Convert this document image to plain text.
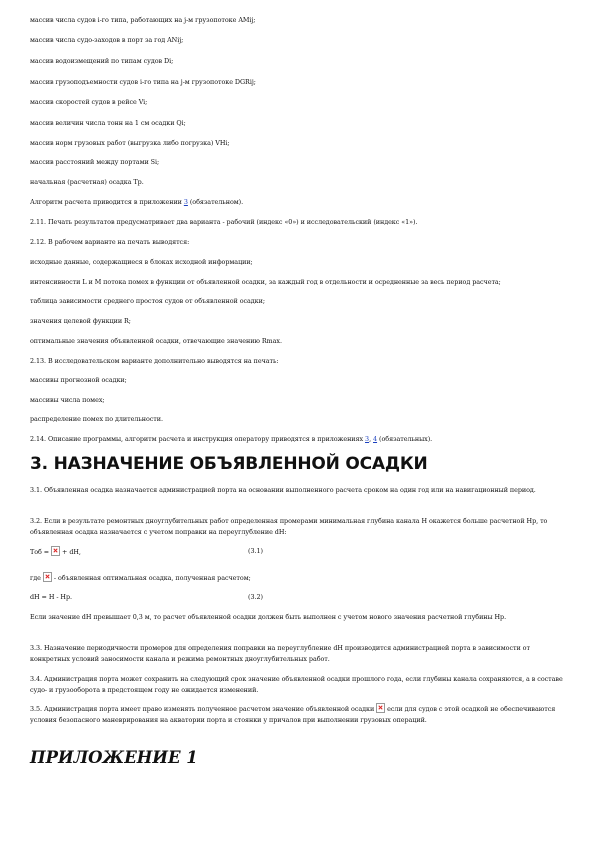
массив числа судов i-го типа, работающих на j-м грузопотоке AMij;
массив числа судо-заходов в порт за год ANij;
массив водоизмещений по типам судов Di;
массив грузоподъемности судов i-го типа на j-м грузопотоке DGRij;
массив скоростей судов в рейсе Vi;
массив величин числа тонн на 1 см осадки Qi;
массив норм грузовых работ (выгрузка либо погрузка) VHi;
массив расстояний между портами Si;
начальная (расчетная) осадка Tр.
Алгоритм расчета приводится в приложении 3 (обязательном).
2.11. Печать результатов предусматривает два варианта - рабочий (индекс «0») и исследовательский (индекс «1»).
2.12. В рабочем варианте на печать выводятся:
исходные данные, содержащиеся в блоках исходной информации;
интенсивности L и M потока помех в функции от объявленной осадки, за каждый год в отдельности и осредненные за весь период расчета;
таблица зависимости среднего простоя судов от объявленной осадки;
значения целевой функции R;
оптимальные значения объявленной осадки, отвечающие значению Rmax.
2.13. В исследовательском варианте дополнительно выводятся на печать:
массивы прогнозной осадки;
массивы числа помех;
распределение помех по длительности.
2.14. Описание программы, алгоритм расчета и инструкция оператору приводятся в приложениях 3, 4 (обязательных).
3. НАЗНАЧЕНИЕ ОБЪЯВЛЕННОЙ ОСАДКИ
3.1. Объявленная осадка назначается администрацией порта на основании выполненного расчета сроком на один год или на навигационный период.
3.2. Если в результате ремонтных дноуглубительных работ определенная промерами минимальная глубина канала H окажется больше расчетной Hр, то объявленная осадка назначается с учетом поправки на переуглубление dH:
Тоб =  + dH,	(3.1)
где  - объявленная оптимальная осадка, полученная расчетом;
dH = H - Hр.	(3.2)
Если значение dH превышает 0,3 м, то расчет объявленной осадки должен быть выполнен с учетом нового значения расчетной глубины Hр.
3.3. Назначение периодичности промеров для определения поправки на переуглубление dH производится администрацией порта в зависимости от конкретных условий заносимости канала и режима ремонтных дноуглубительных работ.
3.4. Администрация порта может сохранить на следующий срок значение объявленной осадки прошлого года, если глубины канала сохраняются, а в составе судо- и грузооборота в предстоящем году не ожидается изменений.
3.5. Администрация порта имеет право изменять полученное расчетом значение объявленной осадки  если для судов с этой осадкой не обеспечиваются условия безопасного маневрирования на акватории порта и стоянки у причалов при выполнении грузовых операций.
ПРИЛОЖЕНИЕ 1
